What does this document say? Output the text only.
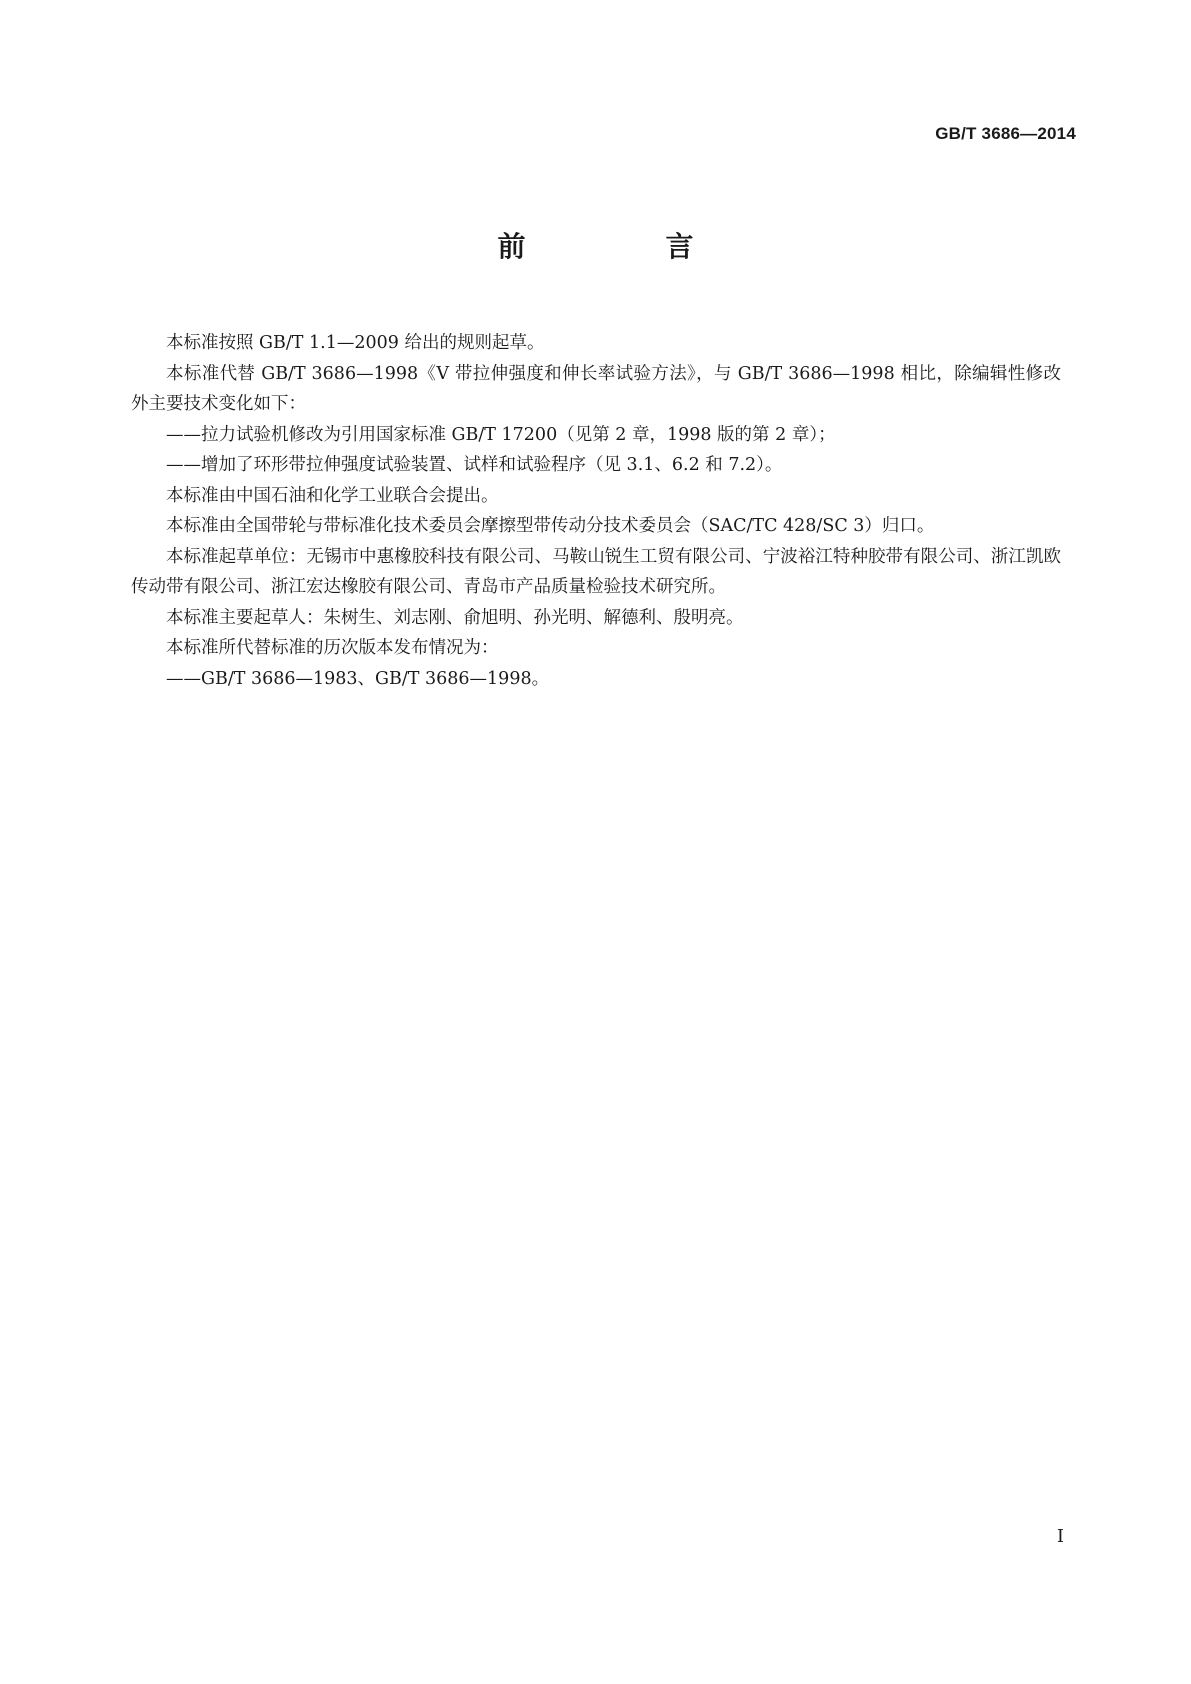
GB/T 3686—2014
前　言

本标准按照 GB/T 1.1—2009 给出的规则起草。

本标准代替 GB/T 3686—1998《V 带拉伸强度和伸长率试验方法》，与 GB/T 3686—1998 相比，除编辑性修改外主要技术变化如下：

——拉力试验机修改为引用国家标准 GB/T 17200（见第 2 章，1998 版的第 2 章）；

——增加了环形带拉伸强度试验装置、试样和试验程序（见 3.1、6.2 和 7.2）。

本标准由中国石油和化学工业联合会提出。

本标准由全国带轮与带标准化技术委员会摩擦型带传动分技术委员会（SAC/TC 428/SC 3）归口。

本标准起草单位：无锡市中惠橡胶科技有限公司、马鞍山锐生工贸有限公司、宁波裕江特种胶带有限公司、浙江凯欧传动带有限公司、浙江宏达橡胶有限公司、青岛市产品质量检验技术研究所。

本标准主要起草人：朱树生、刘志刚、俞旭明、孙光明、解德利、殷明亮。

本标准所代替标准的历次版本发布情况为：

——GB/T 3686—1983、GB/T 3686—1998。

I
